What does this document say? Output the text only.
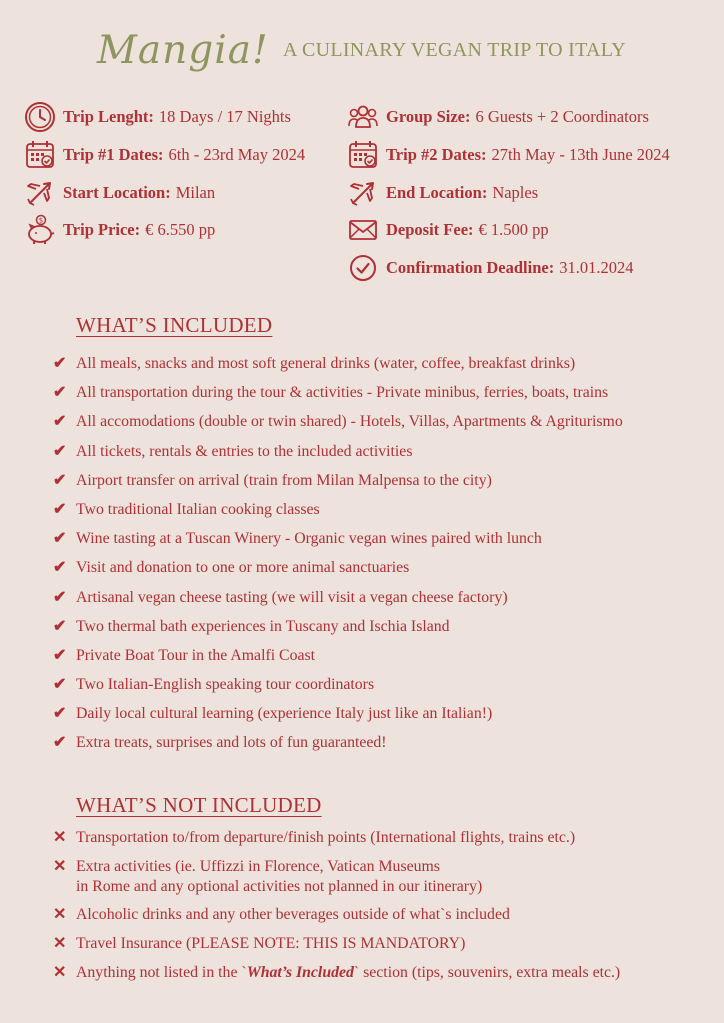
Mangia! A CULINARY VEGAN TRIP TO ITALY
Trip Lenght: 18 Days / 17 Nights	Group Size: 6 Guests + 2 Coordinators
Trip #1 Dates: 6th - 23rd May 2024	Trip #2 Dates: 27th May - 13th June 2024
Start Location: Milan	End Location: Naples
$ Trip Price: € 6.550 pp	Deposit Fee: € 1.500 pp
Confirmation Deadline: 31.01.2024
WHAT’S INCLUDED
✔ All meals, snacks and most soft general drinks (water, coffee, breakfast drinks)
✔ All transportation during the tour & activities - Private minibus, ferries, boats, trains
✔ All accomodations (double or twin shared) - Hotels, Villas, Apartments & Agriturismo
✔ All tickets, rentals & entries to the included activities
✔ Airport transfer on arrival (train from Milan Malpensa to the city)
✔ Two traditional Italian cooking classes
✔ Wine tasting at a Tuscan Winery - Organic vegan wines paired with lunch
✔ Visit and donation to one or more animal sanctuaries
✔ Artisanal vegan cheese tasting (we will visit a vegan cheese factory)
✔ Two thermal bath experiences in Tuscany and Ischia Island
✔ Private Boat Tour in the Amalfi Coast
✔ Two Italian-English speaking tour coordinators
✔ Daily local cultural learning (experience Italy just like an Italian!)
✔ Extra treats, surprises and lots of fun guaranteed!
WHAT’S NOT INCLUDED
✕ Transportation to/from departure/finish points (International flights, trains etc.)
✕ Extra activities (ie. Uffizzi in Florence, Vatican Museums
in Rome and any optional activities not planned in our itinerary)
✕ Alcoholic drinks and any other beverages outside of what`s included
✕ Travel Insurance (PLEASE NOTE: THIS IS MANDATORY)
✕ Anything not listed in the `What’s Included` section (tips, souvenirs, extra meals etc.)
